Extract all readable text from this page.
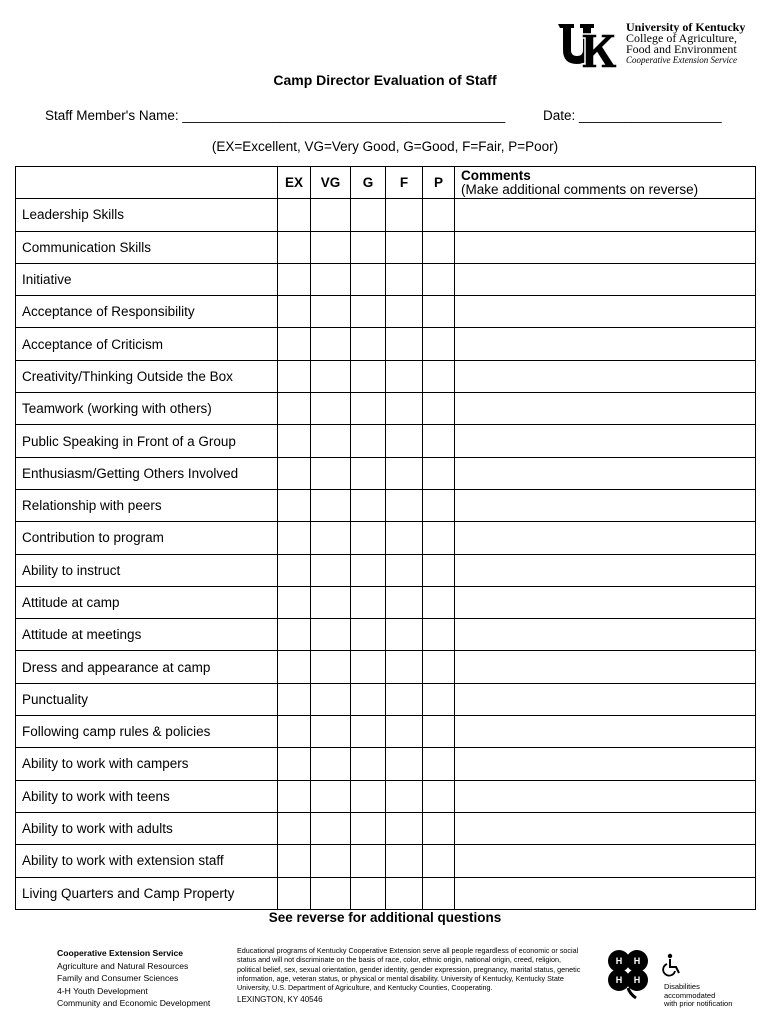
University of Kentucky
College of Agriculture,
Food and Environment
Cooperative Extension Service
Camp Director Evaluation of Staff
Staff Member's Name: ___________________________________________	Date: ___________________
(EX=Excellent, VG=Very Good, G=Good, F=Fair, P=Poor)
	EX	VG	G	F	P	Comments
(Make additional comments on reverse)

Leadership Skills						
Communication Skills						
Initiative						
Acceptance of Responsibility						
Acceptance of Criticism						
Creativity/Thinking Outside the Box						
Teamwork (working with others)						
Public Speaking in Front of a Group						
Enthusiasm/Getting Others Involved						
Relationship with peers						
Contribution to program						
Ability to instruct						
Attitude at camp						
Attitude at meetings						
Dress and appearance at camp						
Punctuality						
Following camp rules & policies						
Ability to work with campers						
Ability to work with teens						
Ability to work with adults						
Ability to work with extension staff						
Living Quarters and Camp Property						
See reverse for additional questions
Cooperative Extension Service
Agriculture and Natural Resources
Family and Consumer Sciences
4-H Youth Development
Community and Economic Development
Educational programs of Kentucky Cooperative Extension serve all people regardless of economic or social status and will not discriminate on the basis of race, color, ethnic origin, national origin, creed, religion, political belief, sex, sexual orientation, gender identity, gender expression, pregnancy, marital status, genetic information, age, veteran status, or physical or mental disability. University of Kentucky, Kentucky State University, U.S. Department of Agriculture, and Kentucky Counties, Cooperating.
LEXINGTON, KY 40546
H H
H H
Disabilities
accommodated
with prior notification
